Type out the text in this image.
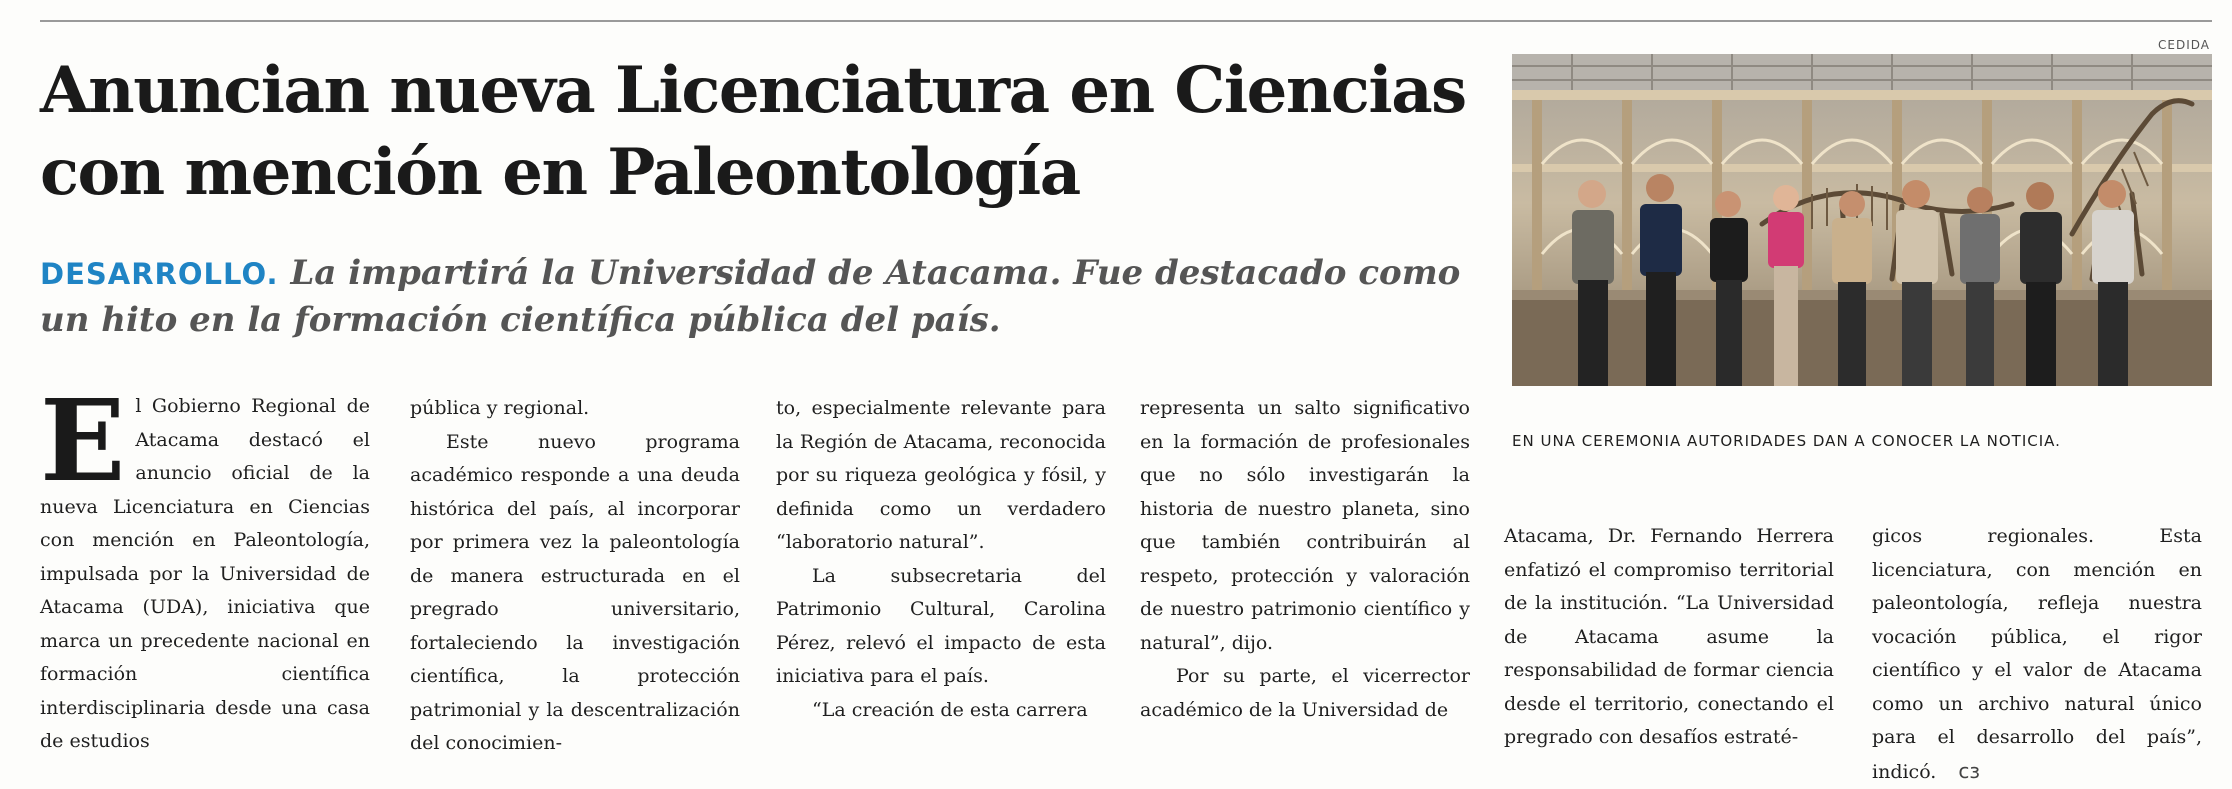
Anuncian nueva Licenciatura en Ciencias
con mención en Paleontología

DESARROLLO. La impartirá la Universidad de Atacama. Fue destacado como un hito en la formación científica pública del país.

El Gobierno Regional de Atacama destacó el anuncio oficial de la nueva Licenciatura en Ciencias con mención en Paleontología, impulsada por la Universidad de Atacama (UDA), iniciativa que marca un precedente nacional en formación científica interdisciplinaria desde una casa de estudios

pública y regional.

Este nuevo programa académico responde a una deuda histórica del país, al incorporar por primera vez la paleontología de manera estructurada en el pregrado universitario, fortaleciendo la investigación científica, la protección patrimonial y la descentralización del conocimien-

to, especialmente relevante para la Región de Atacama, reconocida por su riqueza geológica y fósil, y definida como un verdadero “laboratorio natural”.

La subsecretaria del Patrimonio Cultural, Carolina Pérez, relevó el impacto de esta iniciativa para el país.

“La creación de esta carrera

representa un salto significativo en la formación de profesionales que no sólo investigarán la historia de nuestro planeta, sino que también contribuirán al respeto, protección y valoración de nuestro patrimonio científico y natural”, dijo.

Por su parte, el vicerrector académico de la Universidad de

Atacama, Dr. Fernando Herrera enfatizó el compromiso territorial de la institución. “La Universidad de Atacama asume la responsabilidad de formar ciencia desde el territorio, conectando el pregrado con desafíos estraté-

gicos regionales. Esta licenciatura, con mención en paleontología, refleja nuestra vocación pública, el rigor científico y el valor de Atacama como un archivo natural único para el desarrollo del país”, indicó. cз

CEDIDA

EN UNA CEREMONIA AUTORIDADES DAN A CONOCER LA NOTICIA.
